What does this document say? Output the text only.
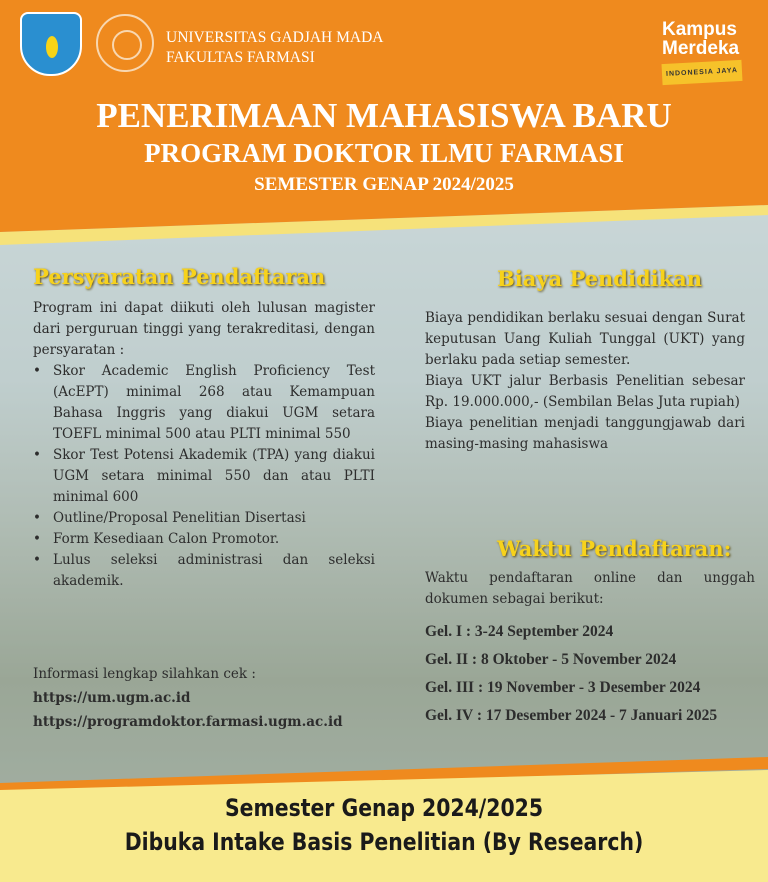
UNIVERSITAS GADJAH MADA
FAKULTAS FARMASI
Kampus
Merdeka
INDONESIA JAYA
PENERIMAAN MAHASISWA BARU
PROGRAM DOKTOR ILMU FARMASI
SEMESTER GENAP 2024/2025
Persyaratan Pendaftaran

Program ini dapat diikuti oleh lulusan magister dari perguruan tinggi yang terakreditasi, dengan persyaratan :

• Skor Academic English Proficiency Test (AcEPT) minimal 268 atau Kemampuan Bahasa Inggris yang diakui UGM setara TOEFL minimal 500 atau PLTI minimal 550
• Skor Test Potensi Akademik (TPA) yang diakui UGM setara minimal 550 dan atau PLTI minimal 600
• Outline/Proposal Penelitian Disertasi
• Form Kesediaan Calon Promotor.
• Lulus seleksi administrasi dan seleksi akademik.

Informasi lengkap silahkan cek :

https://um.ugm.ac.id

https://programdoktor.farmasi.ugm.ac.id

Biaya Pendidikan

Biaya pendidikan berlaku sesuai dengan Surat keputusan Uang Kuliah Tunggal (UKT) yang berlaku pada setiap semester.

Biaya UKT jalur Berbasis Penelitian sebesar Rp. 19.000.000,- (Sembilan Belas Juta rupiah)

Biaya penelitian menjadi tanggungjawab dari masing-masing mahasiswa

Waktu Pendaftaran:

Waktu pendaftaran online dan unggah dokumen sebagai berikut:

Gel. I : 3-24 September 2024
Gel. II : 8 Oktober - 5 November 2024
Gel. III : 19 November - 3 Desember 2024
Gel. IV : 17 Desember 2024 - 7 Januari 2025
Semester Genap 2024/2025
Dibuka Intake Basis Penelitian (By Research)
